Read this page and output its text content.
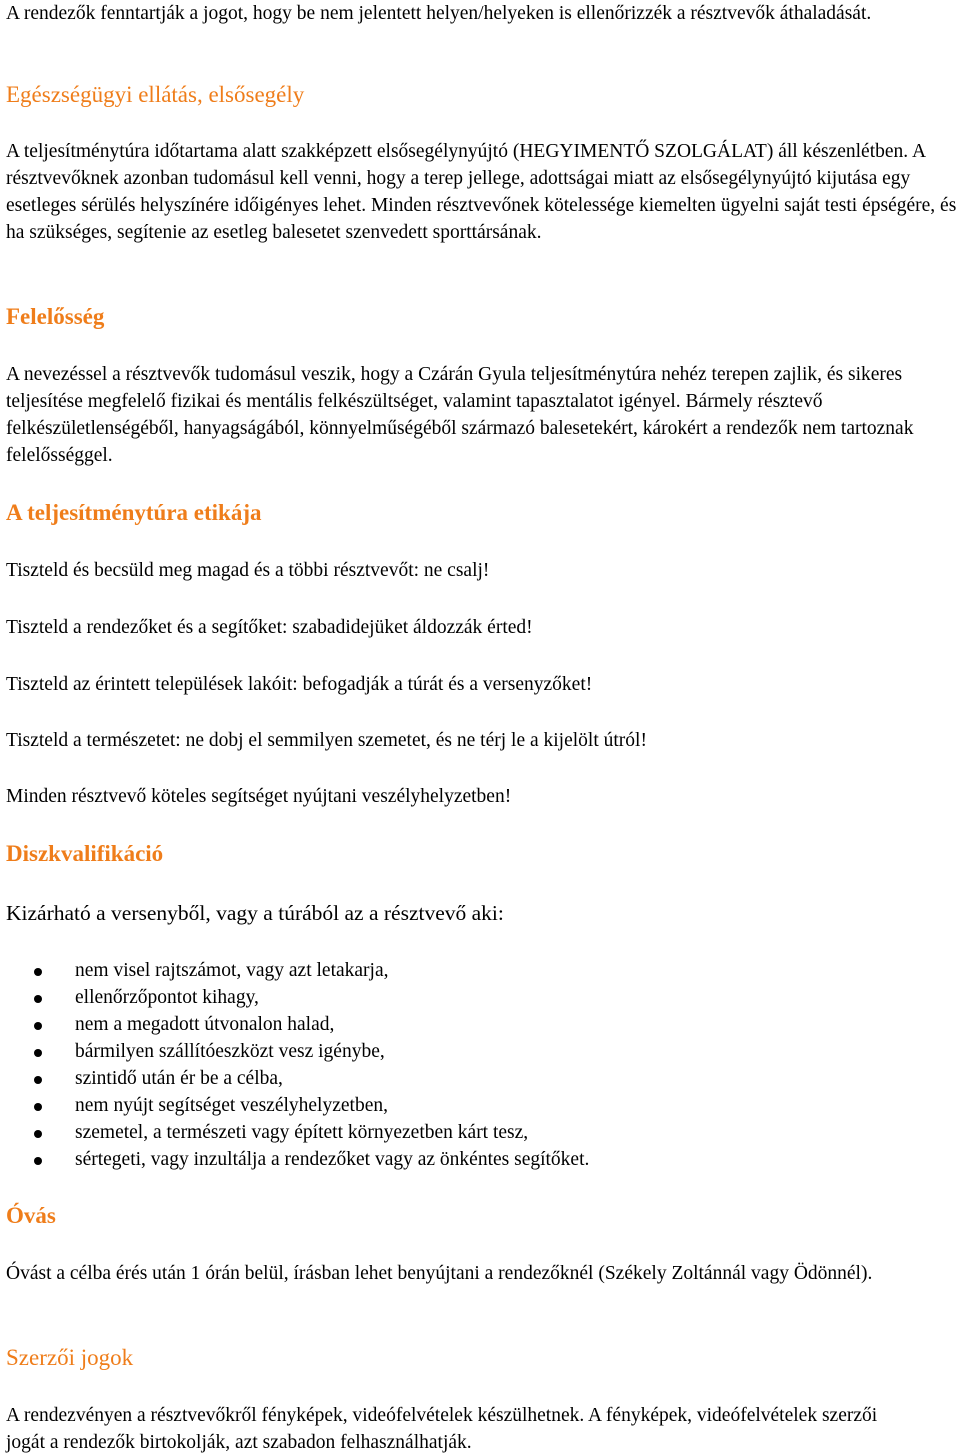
A rendezők fenntartják a jogot, hogy be nem jelentett helyen/helyeken is ellenőrizzék a résztvevők áthaladását.

Egészségügyi ellátás, elsősegély

A teljesítménytúra időtartama alatt szakképzett elsősegélynyújtó (HEGYIMENTŐ SZOLGÁLAT) áll készenlétben. A résztvevőknek azonban tudomásul kell venni, hogy a terep jellege, adottságai miatt az elsősegélynyújtó kijutása egy esetleges sérülés helyszínére időigényes lehet. Minden résztvevőnek kötelessége kiemelten ügyelni saját testi épségére, és ha szükséges, segítenie az esetleg balesetet szenvedett sporttársának.

Felelősség

A nevezéssel a résztvevők tudomásul veszik, hogy a Czárán Gyula teljesítménytúra nehéz terepen zajlik, és sikeres teljesítése megfelelő fizikai és mentális felkészültséget, valamint tapasztalatot igényel. Bármely résztevő felkészületlenségéből, hanyagságából, könnyelműségéből származó balesetekért, károkért a rendezők nem tartoznak felelősséggel.

A teljesítménytúra etikája

Tiszteld és becsüld meg magad és a többi résztvevőt: ne csalj!

Tiszteld a rendezőket és a segítőket: szabadidejüket áldozzák érted!

Tiszteld az érintett települések lakóit: befogadják a túrát és a versenyzőket!

Tiszteld a természetet: ne dobj el semmilyen szemetet, és ne térj le a kijelölt útról!

Minden résztvevő köteles segítséget nyújtani veszélyhelyzetben!

Diszkvalifikáció

Kizárható a versenyből, vagy a túrából az a résztvevő aki:

nem visel rajtszámot, vagy azt letakarja,
ellenőrzőpontot kihagy,
nem a megadott útvonalon halad,
bármilyen szállítóeszközt vesz igénybe,
szintidő után ér be a célba,
nem nyújt segítséget veszélyhelyzetben,
szemetel, a természeti vagy épített környezetben kárt tesz,
sértegeti, vagy inzultálja a rendezőket vagy az önkéntes segítőket.
Óvás

Óvást a célba érés után 1 órán belül, írásban lehet benyújtani a rendezőknél (Székely Zoltánnál vagy Ödönnél).

Szerzői jogok

A rendezvényen a résztvevőkről fényképek, videófelvételek készülhetnek. A fényképek, videófelvételek szerzői jogát a rendezők birtokolják, azt szabadon felhasználhatják.
